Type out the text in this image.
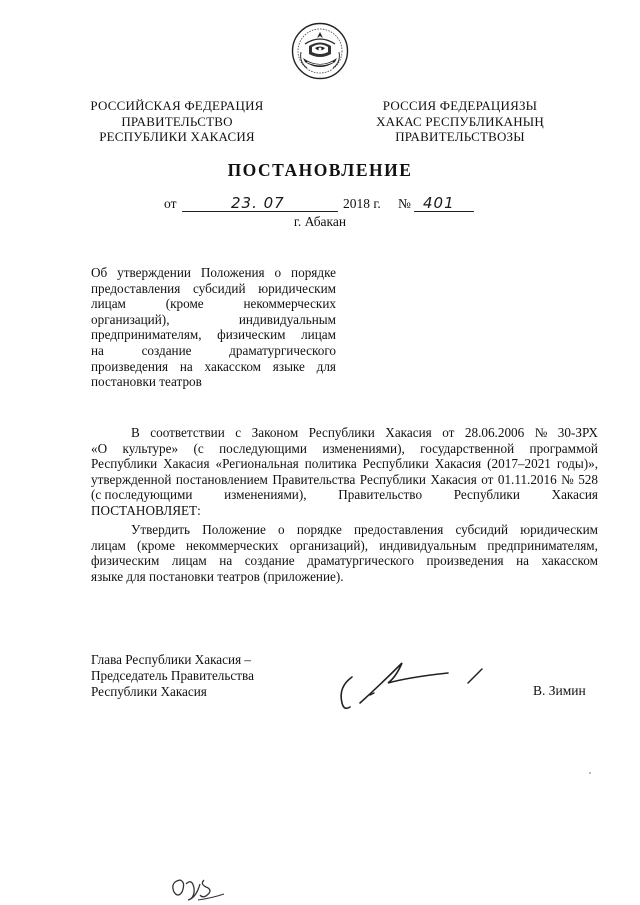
РОССИЙСКАЯ ФЕДЕРАЦИЯ
ПРАВИТЕЛЬСТВО
РЕСПУБЛИКИ ХАКАСИЯ
РОССИЯ ФЕДЕРАЦИЯЗЫ
ХАКАС РЕСПУБЛИКАНЫҢ
ПРАВИТЕЛЬСТВОЗЫ
ПОСТАНОВЛЕНИЕ
от	23. 07	2018 г. № 401
г. Абакан
Об утверждении Положения о порядке
предоставления субсидий юридическим
лицам	(кроме	некоммерческих
организаций),	индивидуальным
предпринимателям, физическим лицам
на	создание	драматургического
произведения на хакасском языке для
постановки театров
В соответствии с Законом Республики Хакасия от 28.06.2006 № 30-ЗРХ
«О культуре» (с последующими изменениями), государственной программой
Республики Хакасия «Региональная политика Республики Хакасия (2017–2021 годы)»,
утвержденной постановлением Правительства Республики Хакасия от 01.11.2016 № 528
(с последующими изменениями), Правительство Республики Хакасия
ПОСТАНОВЛЯЕТ:
Утвердить Положение о порядке предоставления субсидий юридическим
лицам (кроме некоммерческих организаций), индивидуальным предпринимателям,
физическим лицам на создание драматургического произведения на хакасском
языке для постановки театров (приложение).
Глава Республики Хакасия –
Председатель Правительства
Республики Хакасия	В. Зимин
